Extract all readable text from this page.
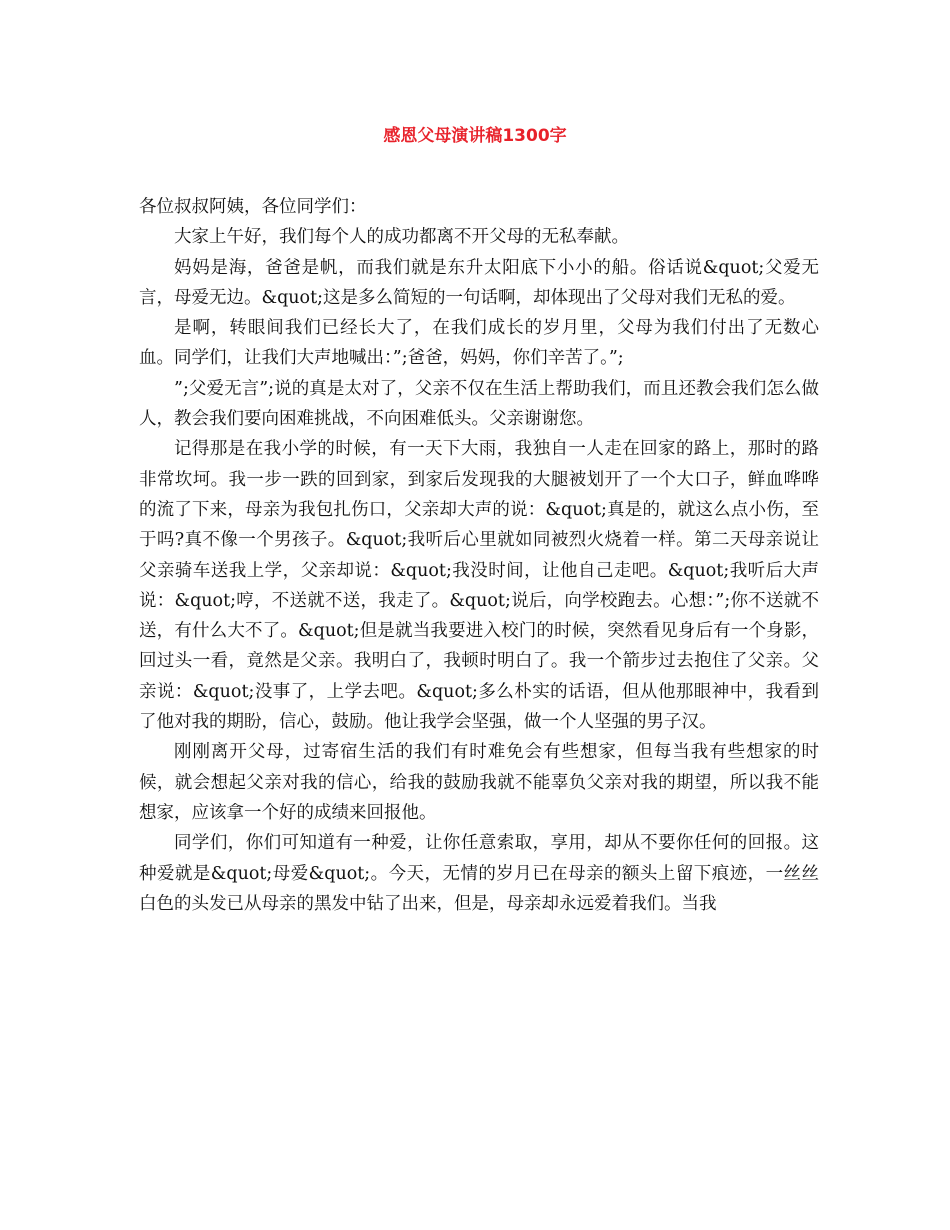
感恩父母演讲稿1300字

各位叔叔阿姨，各位同学们：

大家上午好，我们每个人的成功都离不开父母的无私奉献。

妈妈是海，爸爸是帆，而我们就是东升太阳底下小小的船。俗话说&quot;父爱无言，母爱无边。&quot;这是多么简短的一句话啊，却体现出了父母对我们无私的爱。

是啊，转眼间我们已经长大了，在我们成长的岁月里，父母为我们付出了无数心血。同学们，让我们大声地喊出：”;爸爸，妈妈，你们辛苦了。”;

”;父爱无言”;说的真是太对了，父亲不仅在生活上帮助我们，而且还教会我们怎么做人，教会我们要向困难挑战，不向困难低头。父亲谢谢您。

记得那是在我小学的时候，有一天下大雨，我独自一人走在回家的路上，那时的路非常坎坷。我一步一跌的回到家，到家后发现我的大腿被划开了一个大口子，鲜血哗哗的流了下来，母亲为我包扎伤口，父亲却大声的说：&quot;真是的，就这么点小伤，至于吗?真不像一个男孩子。&quot;我听后心里就如同被烈火烧着一样。第二天母亲说让父亲骑车送我上学，父亲却说：&quot;我没时间，让他自己走吧。&quot;我听后大声说：&quot;哼，不送就不送，我走了。&quot;说后，向学校跑去。心想：”;你不送就不送，有什么大不了。&quot;但是就当我要进入校门的时候，突然看见身后有一个身影，回过头一看，竟然是父亲。我明白了，我顿时明白了。我一个箭步过去抱住了父亲。父亲说：&quot;没事了，上学去吧。&quot;多么朴实的话语，但从他那眼神中，我看到了他对我的期盼，信心，鼓励。他让我学会坚强，做一个人坚强的男子汉。

刚刚离开父母，过寄宿生活的我们有时难免会有些想家，但每当我有些想家的时候，就会想起父亲对我的信心，给我的鼓励我就不能辜负父亲对我的期望，所以我不能想家，应该拿一个好的成绩来回报他。

同学们，你们可知道有一种爱，让你任意索取，享用，却从不要你任何的回报。这种爱就是&quot;母爱&quot;。今天，无情的岁月已在母亲的额头上留下痕迹，一丝丝白色的头发已从母亲的黑发中钻了出来，但是，母亲却永远爱着我们。当我
